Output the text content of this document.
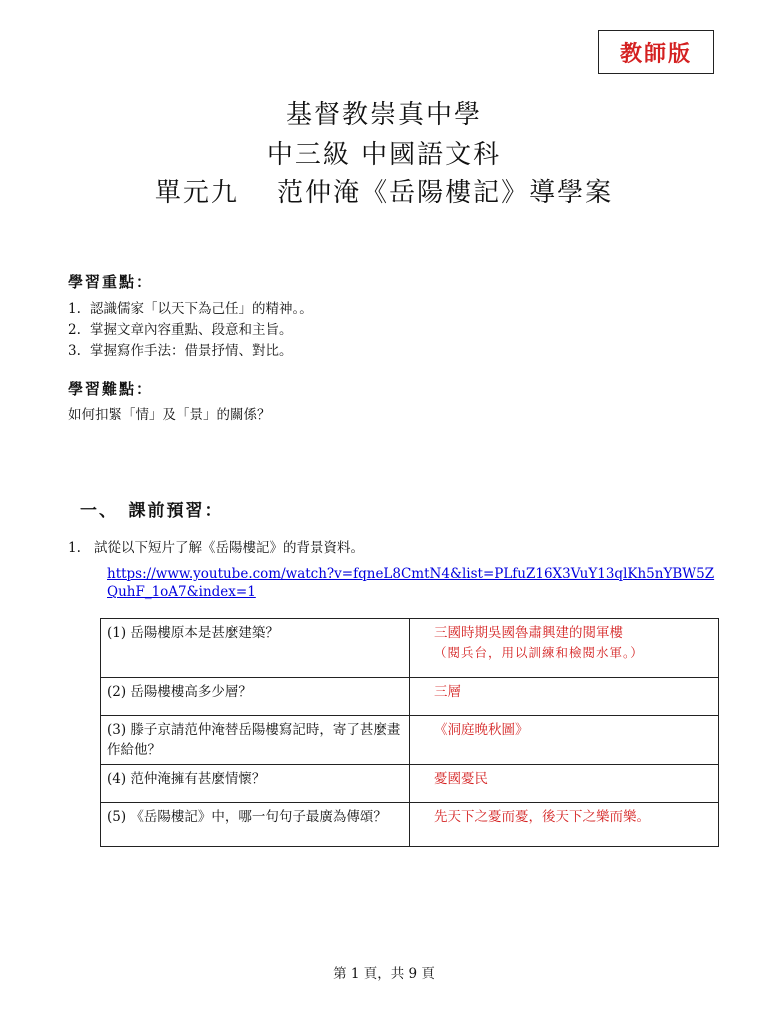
教師版
基督教崇真中學
中三級 中國語文科
單元九　 范仲淹《岳陽樓記》導學案
學習重點：
1. 認識儒家「以天下為己任」的精神。。
2. 掌握文章內容重點、段意和主旨。
3. 掌握寫作手法：借景抒情、對比。
學習難點：
如何扣緊「情」及「景」的關係？
一、　課前預習：
1. 試從以下短片了解《岳陽樓記》的背景資料。
https://www.youtube.com/watch?v=fqneL8CmtN4&list=PLfuZ16X3VuY13qlKh5nYBW5ZQuhF_1oA7&index=1
(1) 岳陽樓原本是甚麼建築？	三國時期吳國魯肅興建的閱軍樓
（閱兵台，用以訓練和檢閱水軍。）

(2) 岳陽樓樓高多少層？	三層
(3) 滕子京請范仲淹替岳陽樓寫記時，寄了甚麼畫作給他？	《洞庭晚秋圖》
(4) 范仲淹擁有甚麼情懷？	憂國憂民
(5) 《岳陽樓記》中，哪一句句子最廣為傳頌？	先天下之憂而憂，後天下之樂而樂。
第 1 頁，共 9 頁
